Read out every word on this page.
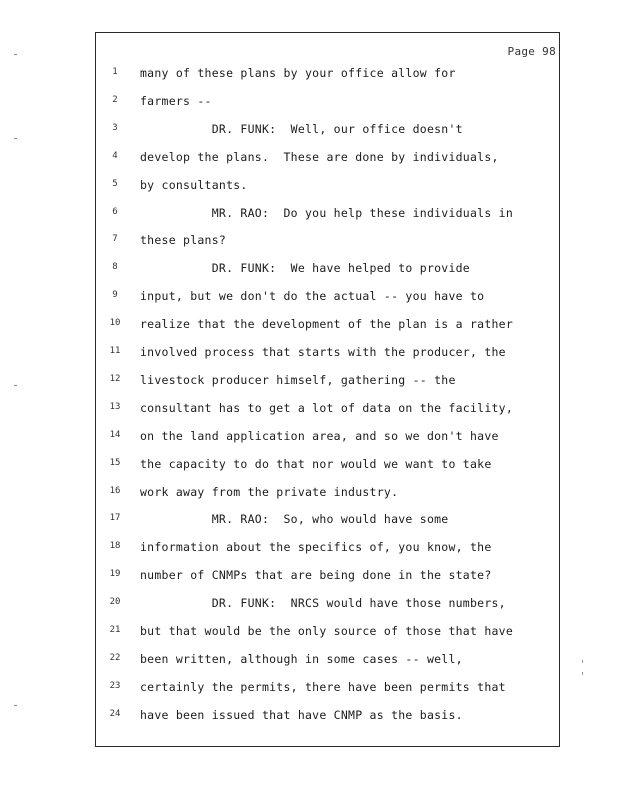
Page 98
1	many of these plans by your office allow for
2	farmers --
3	DR. FUNK:  Well, our office doesn't
4	develop the plans.  These are done by individuals,
5	by consultants.
6	MR. RAO:  Do you help these individuals in
7	these plans?
8	DR. FUNK:  We have helped to provide
9	input, but we don't do the actual -- you have to
10 realize that the development of the plan is a rather
11 involved process that starts with the producer, the
12 livestock producer himself, gathering -- the
13 consultant has to get a lot of data on the facility,
14 on the land application area, and so we don't have
15 the capacity to do that nor would we want to take
16 work away from the private industry.
17 MR. RAO:  So, who would have some
18 information about the specifics of, you know, the
19 number of CNMPs that are being done in the state?
20 DR. FUNK:  NRCS would have those numbers,
21 but that would be the only source of those that have
22 been written, although in some cases -- well,
23 certainly the permits, there have been permits that
24 have been issued that have CNMP as the basis.
